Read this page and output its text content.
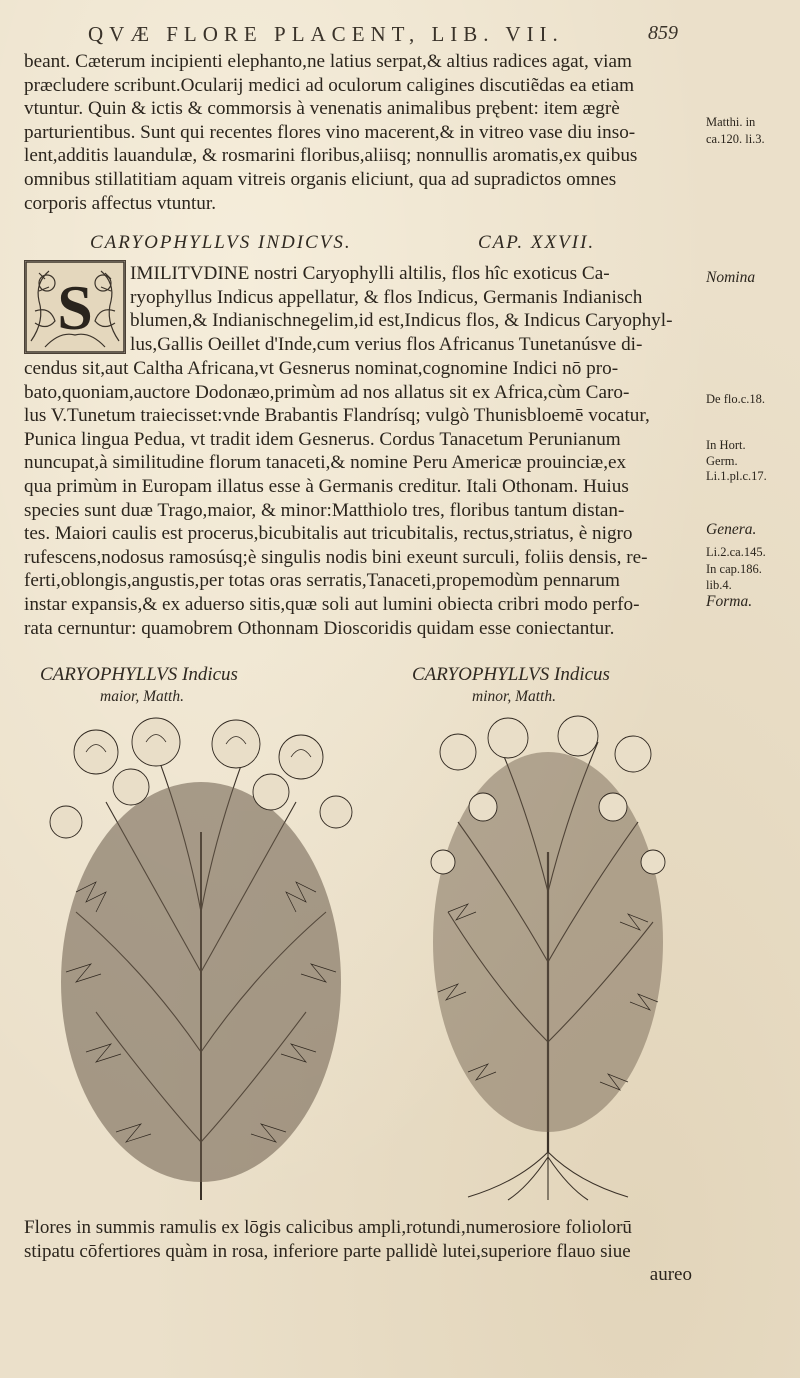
QVÆ FLORE PLACENT, LIB. VII.	859

beant. Cæterum incipienti elephanto,ne latius serpat,& altius radices agat, viam

præcludere scribunt.Ocularij medici ad oculorum caligines discutiẽdas ea etiam

vtuntur. Quin & ictis & commorsis à venenatis animalibus prębent: item ægrè

parturientibus. Sunt qui recentes flores vino macerent,& in vitreo vase diu inso-

lent,additis lauandulæ, & rosmarini floribus,aliisq; nonnullis aromatis,ex quibus

omnibus stillatitiam aquam vitreis organis eliciunt, qua ad supradictos omnes

corporis affectus vtuntur.

CARYOPHYLLVS INDICVS.	CAP. XXVII.
S IMILITVDINE nostri Caryophylli altilis, flos hîc exoticus Ca-

ryophyllus Indicus appellatur, & flos Indicus, Germanis Indianisch

blumen,& Indianischnegelim,id est,Indicus flos, & Indicus Caryophyl-

lus,Gallis Oeillet d'Inde,cum verius flos Africanus Tunetanúsve di-

cendus sit,aut Caltha Africana,vt Gesnerus nominat,cognomine Indici nō pro-

bato,quoniam,auctore Dodonæo,primùm ad nos allatus sit ex Africa,cùm Caro-

lus V.Tunetum traiecisset:vnde Brabantis Flandrísq; vulgò Thunisbloemē vocatur,

Punica lingua Pedua, vt tradit idem Gesnerus. Cordus Tanacetum Perunianum

nuncupat,à similitudine florum tanaceti,& nomine Peru Americæ prouinciæ,ex

qua primùm in Europam illatus esse à Germanis creditur. Itali Othonam. Huius

species sunt duæ Trago,maior, & minor:Matthiolo tres, floribus tantum distan-

tes. Maiori caulis est procerus,bicubitalis aut tricubitalis, rectus,striatus, è nigro

rufescens,nodosus ramosúsq;è singulis nodis bini exeunt surculi, foliis densis, re-

ferti,oblongis,angustis,per totas oras serratis,Tanaceti,propemodùm pennarum

instar expansis,& ex aduerso sitis,quæ soli aut lumini obiecta cribri modo perfo-

rata cernuntur: quamobrem Othonnam Dioscoridis quidam esse coniectantur.

Matthi. in
ca.120. li.3.
Nomina
De flo.c.18.
In Hort.
Germ.
Li.1.pl.c.17.
Genera.
Li.2.ca.145.
In cap.186.
lib.4.
Forma.
CARYOPHYLLVS Indicus
maior, Matth.
CARYOPHYLLVS Indicus
minor, Matth.
Flores in summis ramulis ex lōgis calicibus ampli,rotundi,numerosiore foliolorū
stipatu cōfertiores quàm in rosa, inferiore parte pallidè lutei,superiore flauo siue
aureo
